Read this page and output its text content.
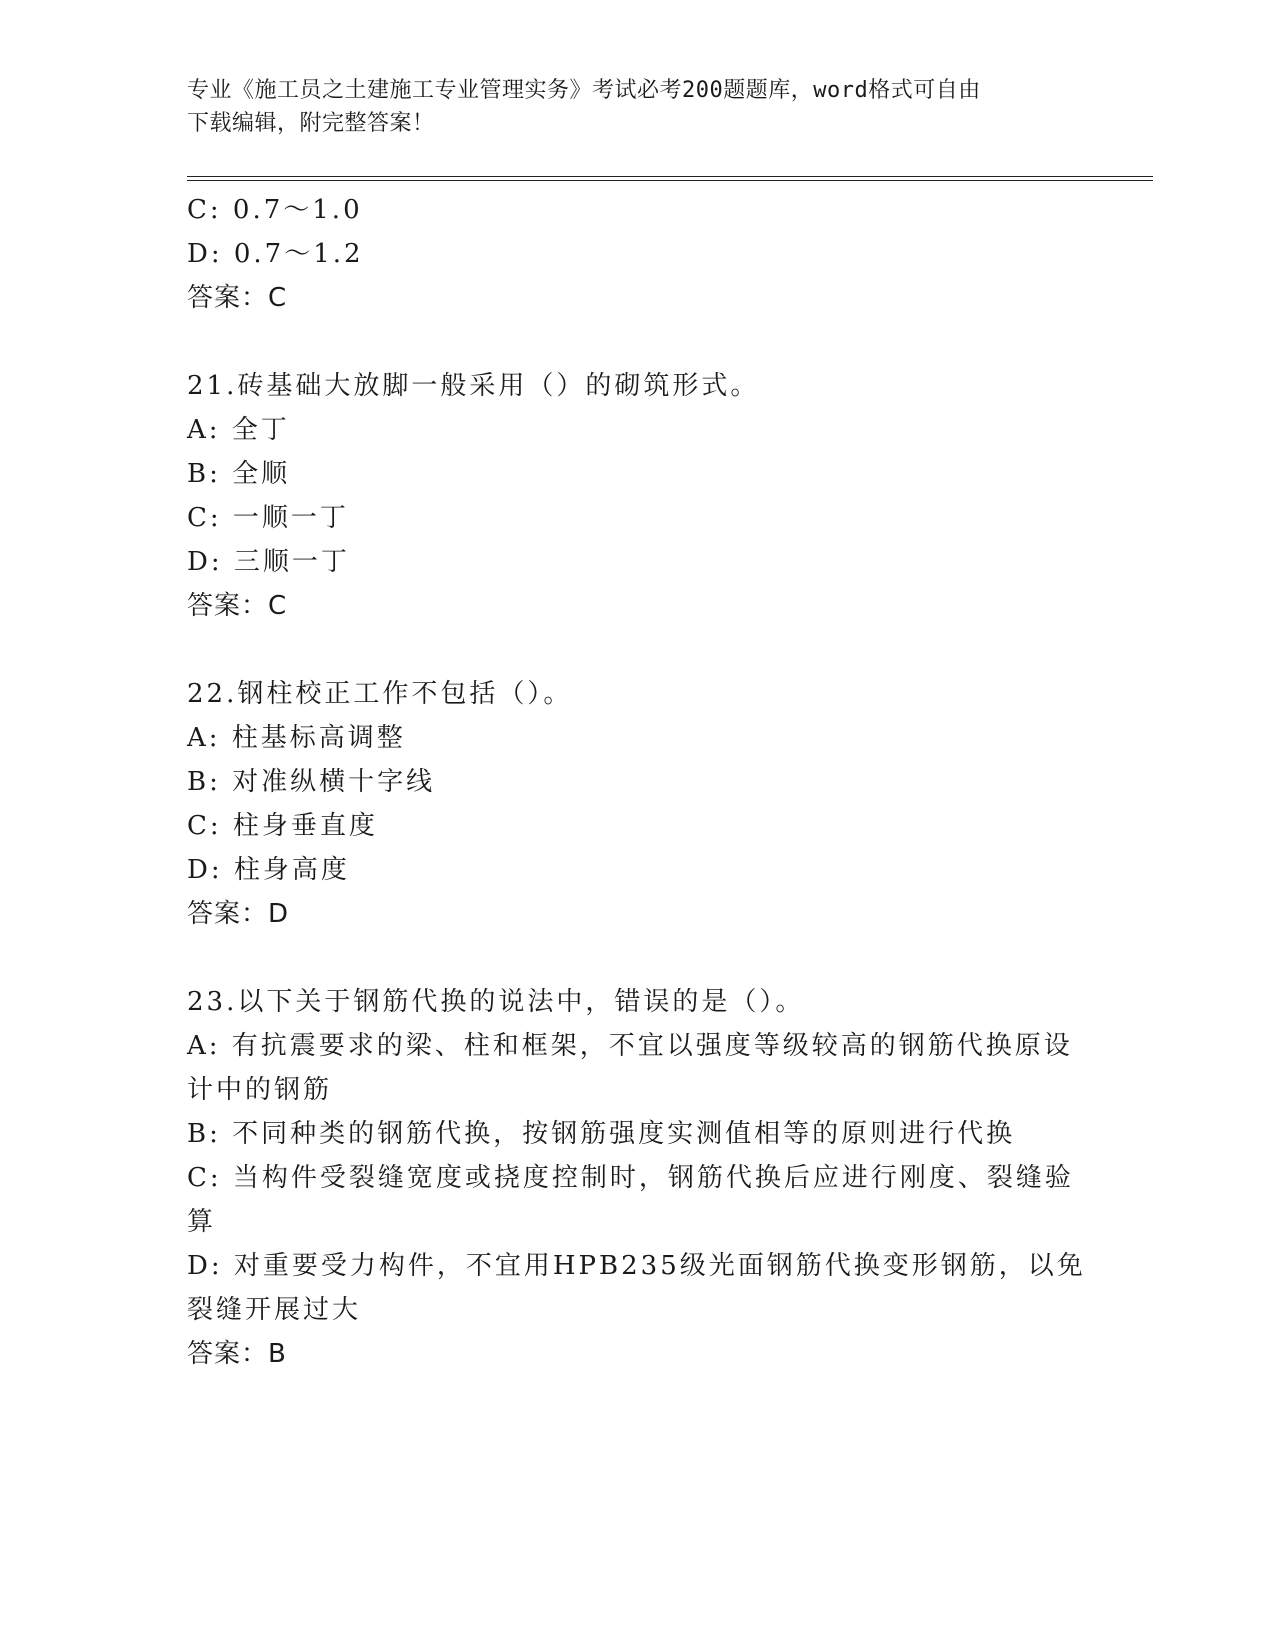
专业《施工员之土建施工专业管理实务》考试必考200题题库，word格式可自由
下载编辑，附完整答案！
C: 0.7～1.0
D: 0.7～1.2
答案：C
21.砖基础大放脚一般采用（）的砌筑形式。
A: 全丁
B: 全顺
C: 一顺一丁
D: 三顺一丁
答案：C
22.钢柱校正工作不包括（）。
A: 柱基标高调整
B: 对准纵横十字线
C: 柱身垂直度
D: 柱身高度
答案：D
23.以下关于钢筋代换的说法中，错误的是（）。
A: 有抗震要求的梁、柱和框架，不宜以强度等级较高的钢筋代换原设
计中的钢筋
B: 不同种类的钢筋代换，按钢筋强度实测值相等的原则进行代换
C: 当构件受裂缝宽度或挠度控制时，钢筋代换后应进行刚度、裂缝验
算
D: 对重要受力构件，不宜用HPB235级光面钢筋代换变形钢筋，以免
裂缝开展过大
答案：B
